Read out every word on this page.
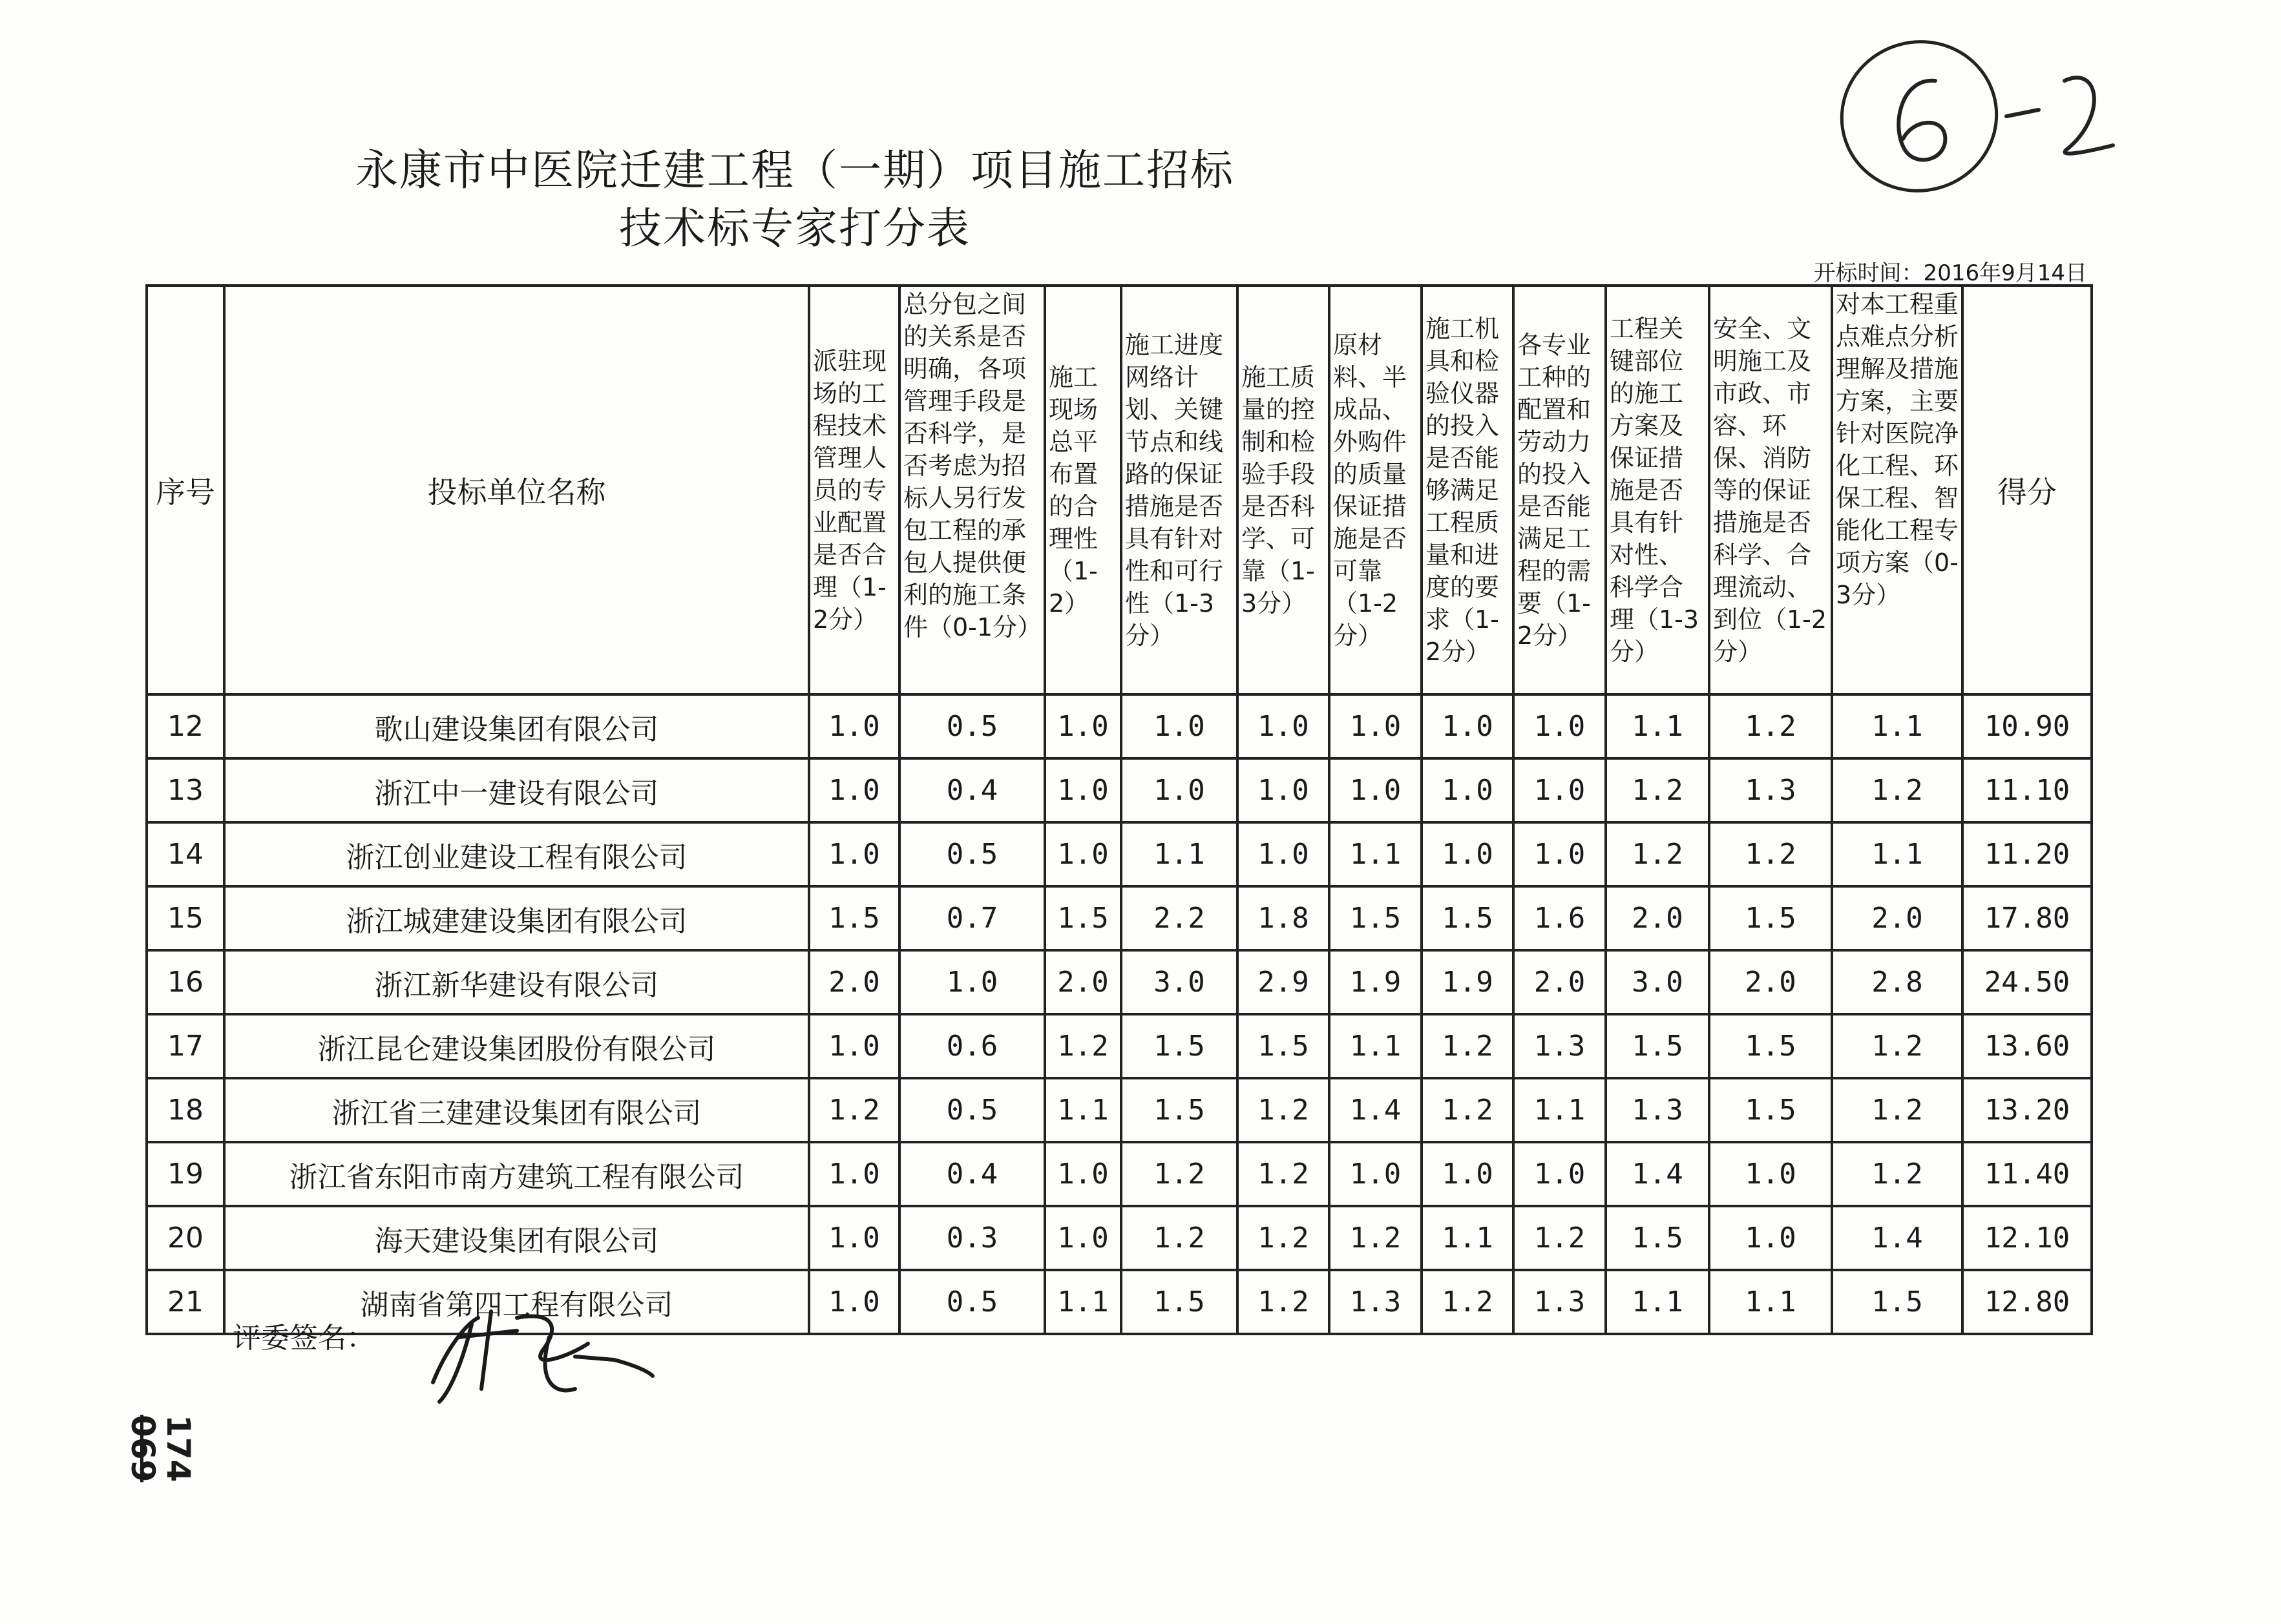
永康市中医院迁建工程（一期）项目施工招标
技术标专家打分表
开标时间：2016年9月14日
序号	投标单位名称	派驻现场的工程技术管理人员的专业配置是否合理（1-2分）	总分包之间的关系是否明确，各项管理手段是否科学，是否考虑为招标人另行发包工程的承包人提供便利的施工条件（0-1分）	施工现场总平布置的合理性（1-2）	施工进度网络计划、关键节点和线路的保证措施是否具有针对性和可行性（1-3分）	施工质量的控制和检验手段是否科学、可靠（1-3分）	原材料、半成品、外购件的质量保证措施是否可靠（1-2分）	施工机具和检验仪器的投入是否能够满足工程质量和进度的要求（1-2分）	各专业工种的配置和劳动力的投入是否能满足工程的需要（1-2分）	工程关键部位的施工方案及保证措施是否具有针对性、科学合理（1-3分）	安全、文明施工及市政、市容、环保、消防等的保证措施是否科学、合理流动、到位（1-2分）	对本工程重点难点分析理解及措施方案，主要针对医院净化工程、环保工程、智能化工程专项方案（0-3分）	得分
12	歌山建设集团有限公司	1.0	0.5	1.0	1.0	1.0	1.0	1.0	1.0	1.1	1.2	1.1	10.90
13	浙江中一建设有限公司	1.0	0.4	1.0	1.0	1.0	1.0	1.0	1.0	1.2	1.3	1.2	11.10
14	浙江创业建设工程有限公司	1.0	0.5	1.0	1.1	1.0	1.1	1.0	1.0	1.2	1.2	1.1	11.20
15	浙江城建建设集团有限公司	1.5	0.7	1.5	2.2	1.8	1.5	1.5	1.6	2.0	1.5	2.0	17.80
16	浙江新华建设有限公司	2.0	1.0	2.0	3.0	2.9	1.9	1.9	2.0	3.0	2.0	2.8	24.50
17	浙江昆仑建设集团股份有限公司	1.0	0.6	1.2	1.5	1.5	1.1	1.2	1.3	1.5	1.5	1.2	13.60
18	浙江省三建建设集团有限公司	1.2	0.5	1.1	1.5	1.2	1.4	1.2	1.1	1.3	1.5	1.2	13.20
19	浙江省东阳市南方建筑工程有限公司	1.0	0.4	1.0	1.2	1.2	1.0	1.0	1.0	1.4	1.0	1.2	11.40
20	海天建设集团有限公司	1.0	0.3	1.0	1.2	1.2	1.2	1.1	1.2	1.5	1.0	1.4	12.10
21	湖南省第四工程有限公司	1.0	0.5	1.1	1.5	1.2	1.3	1.2	1.3	1.1	1.1	1.5	12.80
评委签名：
174
069
